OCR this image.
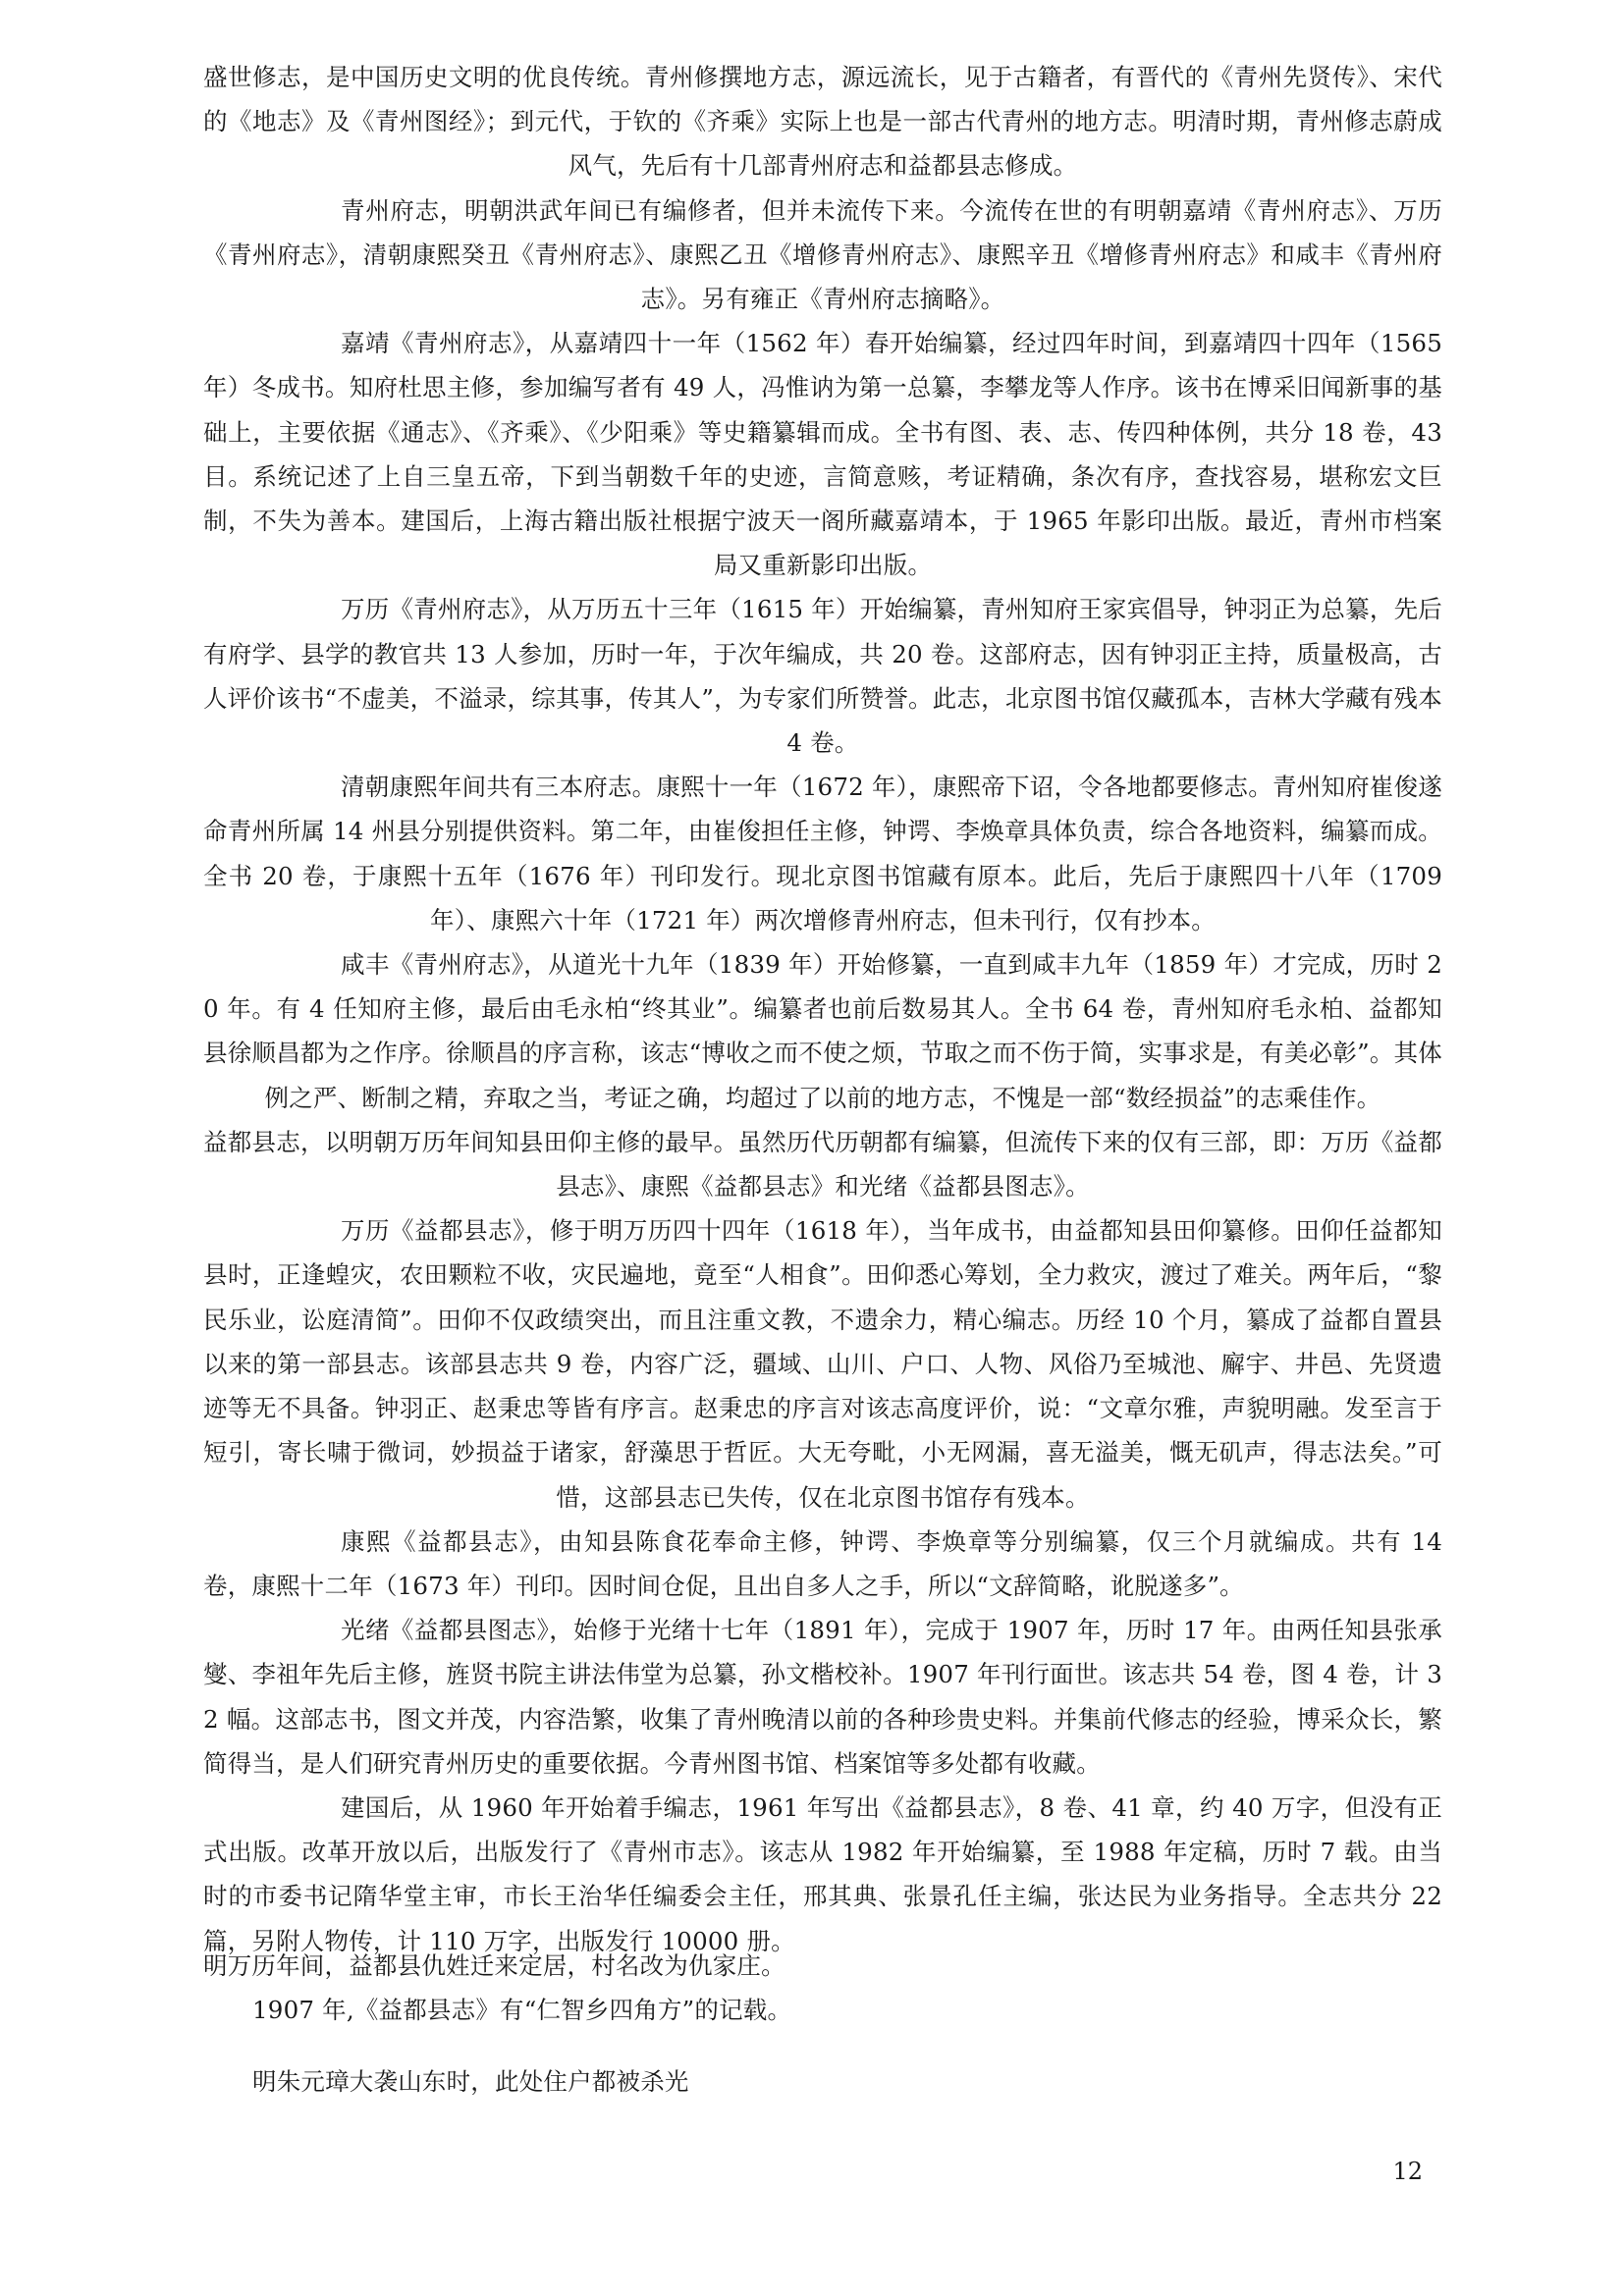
盛世修志，是中国历史文明的优良传统。青州修撰地方志，源远流长，见于古籍者，有晋代的《青州先贤传》、宋代的《地志》及《青州图经》；到元代，于钦的《齐乘》实际上也是一部古代青州的地方志。明清时期，青州修志蔚成风气，先后有十几部青州府志和益都县志修成。

青州府志，明朝洪武年间已有编修者，但并未流传下来。今流传在世的有明朝嘉靖《青州府志》、万历《青州府志》，清朝康熙癸丑《青州府志》、康熙乙丑《增修青州府志》、康熙辛丑《增修青州府志》和咸丰《青州府志》。另有雍正《青州府志摘略》。

嘉靖《青州府志》，从嘉靖四十一年（1562 年）春开始编纂，经过四年时间，到嘉靖四十四年（1565 年）冬成书。知府杜思主修，参加编写者有 49 人，冯惟讷为第一总纂，李攀龙等人作序。该书在博采旧闻新事的基础上，主要依据《通志》、《齐乘》、《少阳乘》等史籍纂辑而成。全书有图、表、志、传四种体例，共分 18 卷，43 目。系统记述了上自三皇五帝，下到当朝数千年的史迹，言简意赅，考证精确，条次有序，查找容易，堪称宏文巨制，不失为善本。建国后，上海古籍出版社根据宁波天一阁所藏嘉靖本，于 1965 年影印出版。最近，青州市档案局又重新影印出版。

万历《青州府志》，从万历五十三年（1615 年）开始编纂，青州知府王家宾倡导，钟羽正为总纂，先后有府学、县学的教官共 13 人参加，历时一年，于次年编成，共 20 卷。这部府志，因有钟羽正主持，质量极高，古人评价该书“不虚美，不溢录，综其事，传其人”，为专家们所赞誉。此志，北京图书馆仅藏孤本，吉林大学藏有残本 4 卷。

清朝康熙年间共有三本府志。康熙十一年（1672 年），康熙帝下诏，令各地都要修志。青州知府崔俊遂命青州所属 14 州县分别提供资料。第二年，由崔俊担任主修，钟谔、李焕章具体负责，综合各地资料，编纂而成。全书 20 卷，于康熙十五年（1676 年）刊印发行。现北京图书馆藏有原本。此后，先后于康熙四十八年（1709 年）、康熙六十年（1721 年）两次增修青州府志，但未刊行，仅有抄本。

咸丰《青州府志》，从道光十九年（1839 年）开始修纂，一直到咸丰九年（1859 年）才完成，历时 20 年。有 4 任知府主修，最后由毛永柏“终其业”。编纂者也前后数易其人。全书 64 卷，青州知府毛永柏、益都知县徐顺昌都为之作序。徐顺昌的序言称，该志“博收之而不使之烦，节取之而不伤于简，实事求是，有美必彰”。其体例之严、断制之精，弃取之当，考证之确，均超过了以前的地方志，不愧是一部“数经损益”的志乘佳作。

益都县志，以明朝万历年间知县田仰主修的最早。虽然历代历朝都有编纂，但流传下来的仅有三部，即：万历《益都县志》、康熙《益都县志》和光绪《益都县图志》。

万历《益都县志》，修于明万历四十四年（1618 年），当年成书，由益都知县田仰纂修。田仰任益都知县时，正逢蝗灾，农田颗粒不收，灾民遍地，竟至“人相食”。田仰悉心筹划，全力救灾，渡过了难关。两年后，“黎民乐业，讼庭清简”。田仰不仅政绩突出，而且注重文教，不遗余力，精心编志。历经 10 个月，纂成了益都自置县以来的第一部县志。该部县志共 9 卷，内容广泛，疆域、山川、户口、人物、风俗乃至城池、廨宇、井邑、先贤遗迹等无不具备。钟羽正、赵秉忠等皆有序言。赵秉忠的序言对该志高度评价，说：“文章尔雅，声貌明融。发至言于短引，寄长啸于微词，妙损益于诸家，舒藻思于哲匠。大无夸毗，小无网漏，喜无溢美，慨无矶声，得志法矣。”可惜，这部县志已失传，仅在北京图书馆存有残本。

康熙《益都县志》，由知县陈食花奉命主修，钟谔、李焕章等分别编纂，仅三个月就编成。共有 14 卷，康熙十二年（1673 年）刊印。因时间仓促，且出自多人之手，所以“文辞简略，讹脱遂多”。

光绪《益都县图志》，始修于光绪十七年（1891 年），完成于 1907 年，历时 17 年。由两任知县张承燮、李祖年先后主修，旌贤书院主讲法伟堂为总纂，孙文楷校补。1907 年刊行面世。该志共 54 卷，图 4 卷，计 32 幅。这部志书，图文并茂，内容浩繁，收集了青州晚清以前的各种珍贵史料。并集前代修志的经验，博采众长，繁简得当，是人们研究青州历史的重要依据。今青州图书馆、档案馆等多处都有收藏。

建国后，从 1960 年开始着手编志，1961 年写出《益都县志》，8 卷、41 章，约 40 万字，但没有正式出版。改革开放以后，出版发行了《青州市志》。该志从 1982 年开始编纂，至 1988 年定稿，历时 7 载。由当时的市委书记隋华堂主审，市长王治华任编委会主任，邢其典、张景孔任主编，张达民为业务指导。全志共分 22 篇，另附人物传，计 110 万字，出版发行 10000 册。

明万历年间，益都县仇姓迁来定居，村名改为仇家庄。

1907 年,《益都县志》有“仁智乡四角方”的记载。

明朱元璋大袭山东时，此处住户都被杀光

12
